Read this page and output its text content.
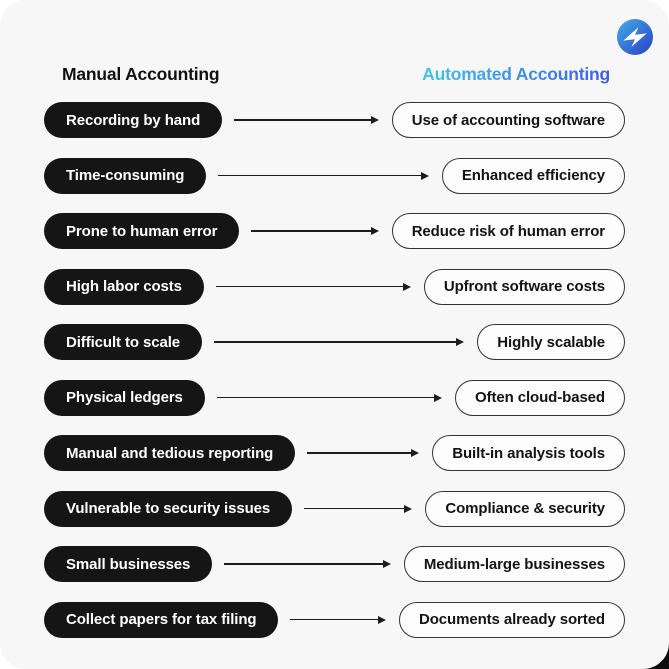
Manual Accounting	Automated Accounting
Recording by hand	Use of accounting software
Time-consuming	Enhanced efficiency
Prone to human error	Reduce risk of human error
High labor costs	Upfront software costs
Difficult to scale	Highly scalable
Physical ledgers	Often cloud-based
Manual and tedious reporting	Built-in analysis tools
Vulnerable to security issues	Compliance & security
Small businesses	Medium-large businesses
Collect papers for tax filing	Documents already sorted
